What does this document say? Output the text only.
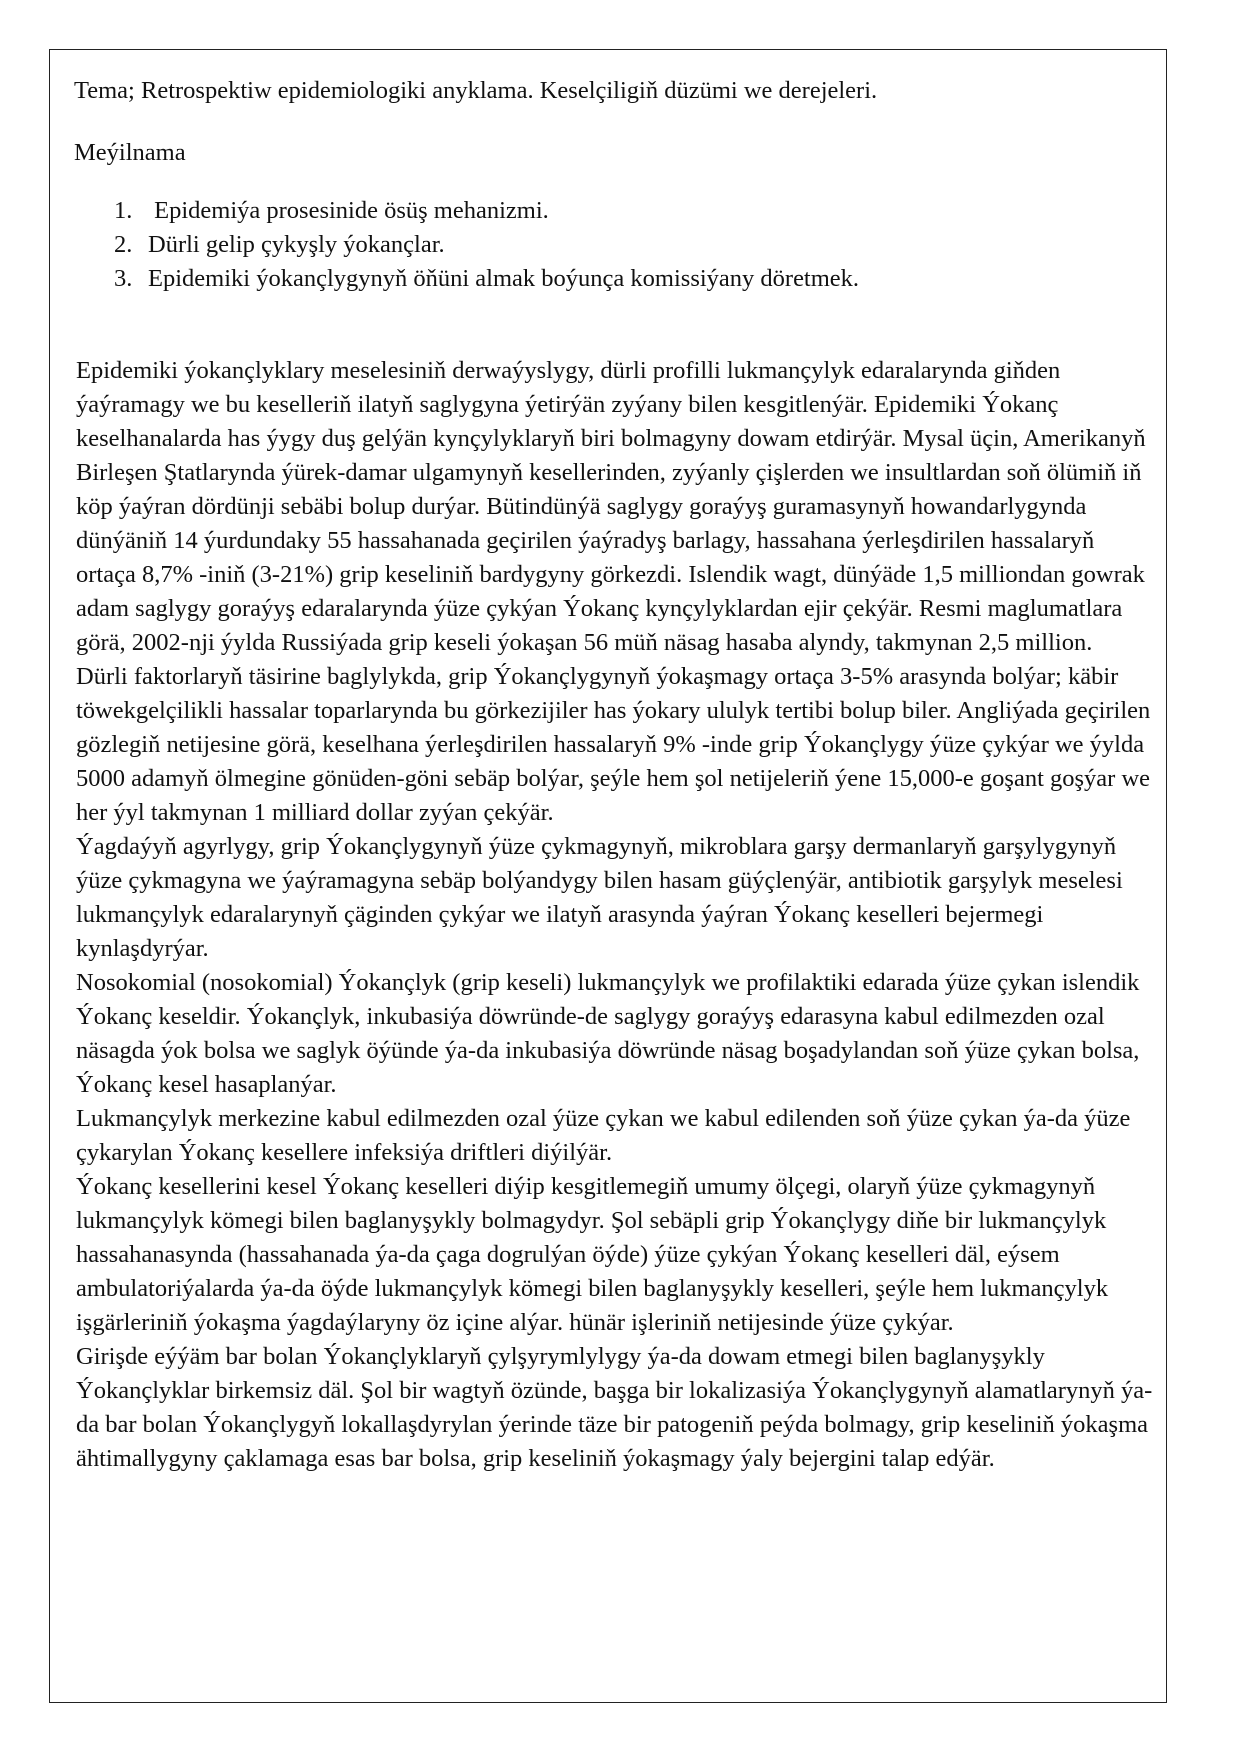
Tema; Retrospektiw epidemiologiki anyklama. Keselçiligiň düzümi we derejeleri.

Meýilnama

1. Epidemiýa prosesinide ösüş mehanizmi.
2. Dürli gelip çykyşly ýokançlar.
3. Epidemiki ýokançlygynyň öňüni almak boýunça komissiýany döretmek.

Epidemiki ýokançlyklary meselesiniň derwaýyslygy, dürli profilli lukmançylyk edaralarynda giňden ýaýramagy we bu keselleriň ilatyň saglygyna ýetirýän zyýany bilen kesgitlenýär. Epidemiki Ýokanç keselhanalarda has ýygy duş gelýän kynçylyklaryň biri bolmagyny dowam etdirýär. Mysal üçin, Amerikanyň Birleşen Ştatlarynda ýürek-damar ulgamynyň kesellerinden, zyýanly çişlerden we insultlardan soň ölümiň iň köp ýaýran dördünji sebäbi bolup durýar. Bütindünýä saglygy goraýyş guramasynyň howandarlygynda dünýäniň 14 ýurdundaky 55 hassahanada geçirilen ýaýradyş barlagy, hassahana ýerleşdirilen hassalaryň ortaça 8,7% -iniň (3-21%) grip keseliniň bardygyny görkezdi. Islendik wagt, dünýäde 1,5 milliondan gowrak adam saglygy goraýyş edaralarynda ýüze çykýan Ýokanç kynçylyklardan ejir çekýär. Resmi maglumatlara görä, 2002-nji ýylda Russiýada grip keseli ýokaşan 56 müň näsag hasaba alyndy, takmynan 2,5 million.

Dürli faktorlaryň täsirine baglylykda, grip Ýokançlygynyň ýokaşmagy ortaça 3-5% arasynda bolýar; käbir töwekgelçilikli hassalar toparlarynda bu görkezijiler has ýokary ululyk tertibi bolup biler. Angliýada geçirilen gözlegiň netijesine görä, keselhana ýerleşdirilen hassalaryň 9% -inde grip Ýokançlygy ýüze çykýar we ýylda 5000 adamyň ölmegine gönüden-göni sebäp bolýar, şeýle hem şol netijeleriň ýene 15,000-e goşant goşýar we her ýyl takmynan 1 milliard dollar zyýan çekýär.

Ýagdaýyň agyrlygy, grip Ýokançlygynyň ýüze çykmagynyň, mikroblara garşy dermanlaryň garşylygynyň ýüze çykmagyna we ýaýramagyna sebäp bolýandygy bilen hasam güýçlenýär, antibiotik garşylyk meselesi lukmançylyk edaralarynyň çäginden çykýar we ilatyň arasynda ýaýran Ýokanç keselleri bejermegi kynlaşdyrýar.

Nosokomial (nosokomial) Ýokançlyk (grip keseli) lukmançylyk we profilaktiki edarada ýüze çykan islendik Ýokanç keseldir. Ýokançlyk, inkubasiýa döwründe-de saglygy goraýyş edarasyna kabul edilmezden ozal näsagda ýok bolsa we saglyk öýünde ýa-da inkubasiýa döwründe näsag boşadylandan soň ýüze çykan bolsa, Ýokanç kesel hasaplanýar.

Lukmançylyk merkezine kabul edilmezden ozal ýüze çykan we kabul edilenden soň ýüze çykan ýa-da ýüze çykarylan Ýokanç kesellere infeksiýa driftleri diýilýär.

Ýokanç kesellerini kesel Ýokanç keselleri diýip kesgitlemegiň umumy ölçegi, olaryň ýüze çykmagynyň lukmançylyk kömegi bilen baglanyşykly bolmagydyr. Şol sebäpli grip Ýokançlygy diňe bir lukmançylyk hassahanasynda (hassahanada ýa-da çaga dogrulýan öýde) ýüze çykýan Ýokanç keselleri däl, eýsem ambulatoriýalarda ýa-da öýde lukmançylyk kömegi bilen baglanyşykly keselleri, şeýle hem lukmançylyk işgärleriniň ýokaşma ýagdaýlaryny öz içine alýar. hünär işleriniň netijesinde ýüze çykýar.

Girişde eýýäm bar bolan Ýokançlyklaryň çylşyrymlylygy ýa-da dowam etmegi bilen baglanyşykly Ýokançlyklar birkemsiz däl. Şol bir wagtyň özünde, başga bir lokalizasiýa Ýokançlygynyň alamatlarynyň ýa-da bar bolan Ýokançlygyň lokallaşdyrylan ýerinde täze bir patogeniň peýda bolmagy, grip keseliniň ýokaşma ähtimallygyny çaklamaga esas bar bolsa, grip keseliniň ýokaşmagy ýaly bejergini talap edýär.
